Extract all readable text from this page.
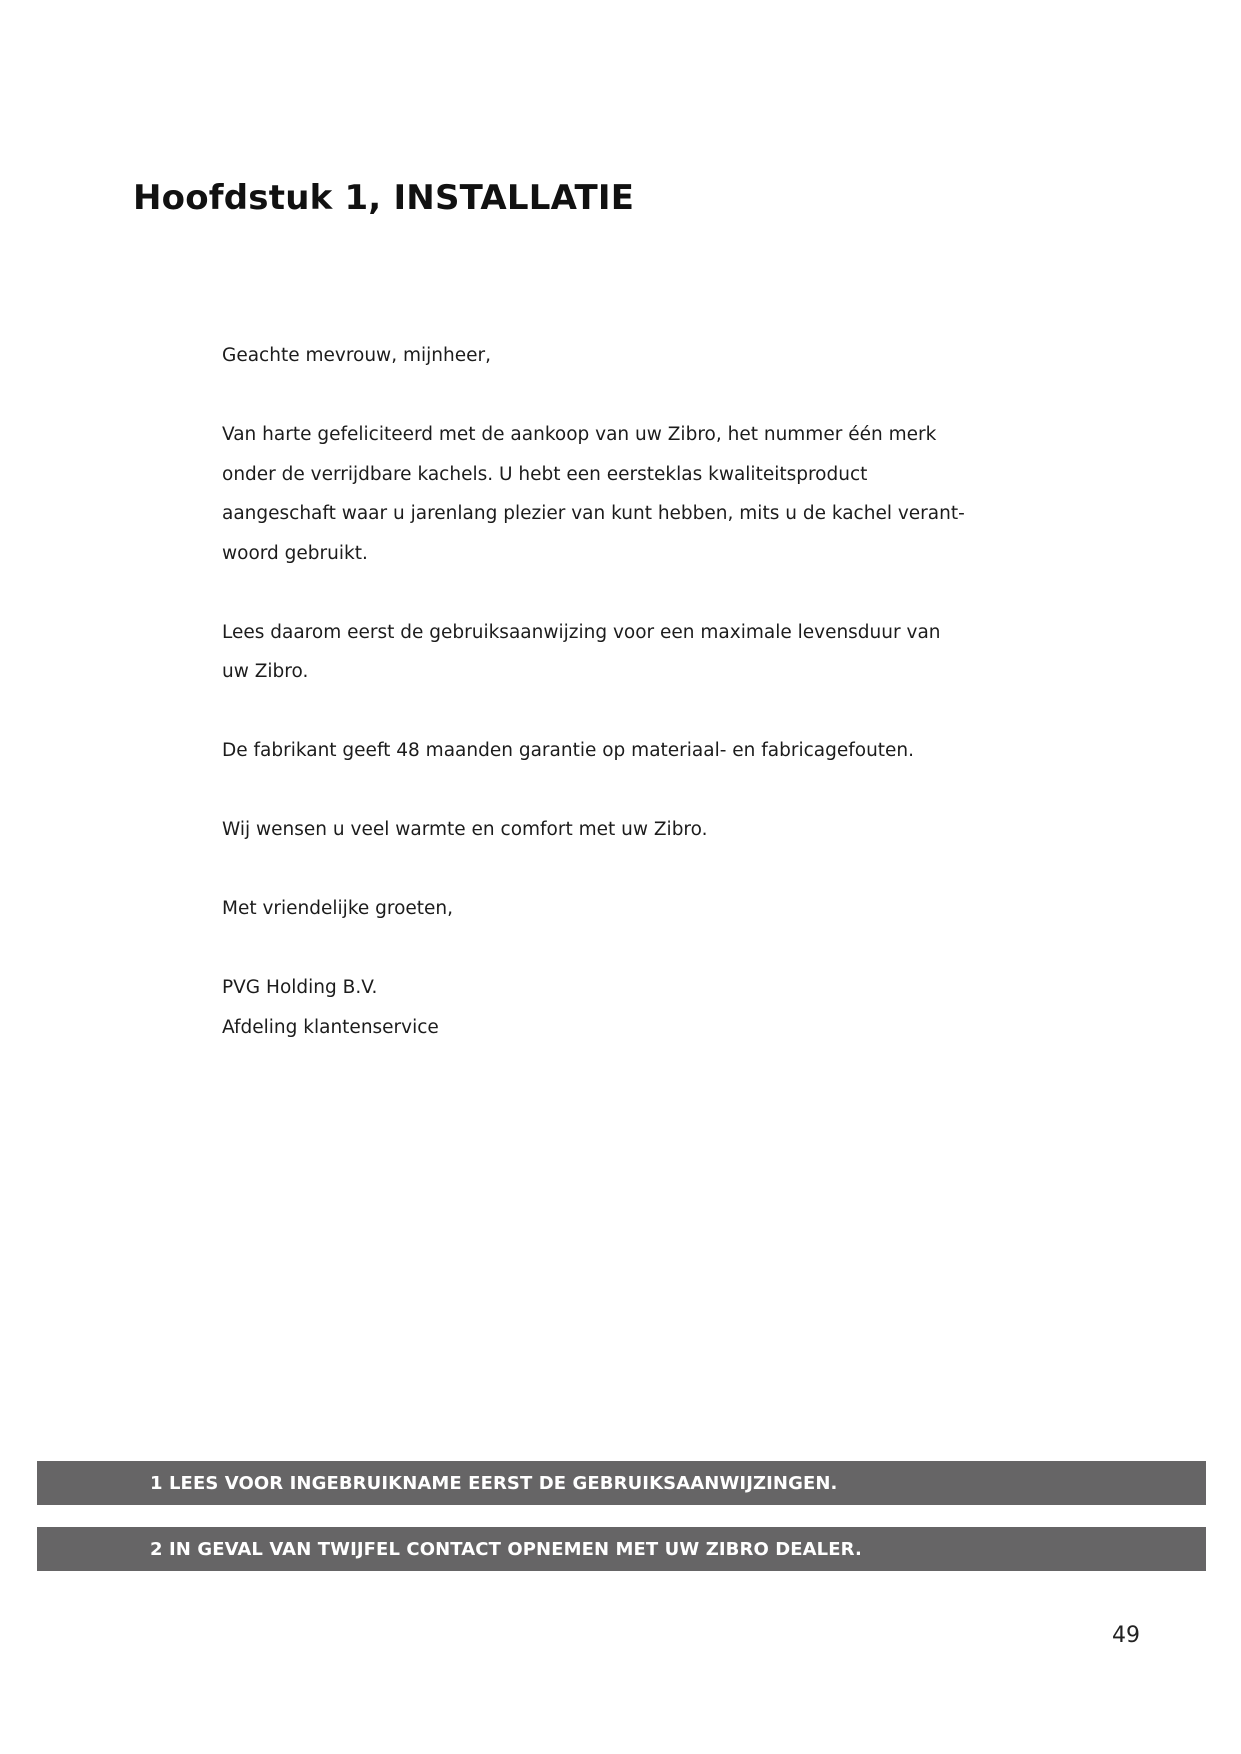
Hoofdstuk 1, INSTALLATIE

Geachte mevrouw, mijnheer,

Van harte gefeliciteerd met de aankoop van uw Zibro, het nummer één merk

onder de verrijdbare kachels. U hebt een eersteklas kwaliteitsproduct

aangeschaft waar u jarenlang plezier van kunt hebben, mits u de kachel verant-

woord gebruikt.

Lees daarom eerst de gebruiksaanwijzing voor een maximale levensduur van

uw Zibro.

De fabrikant geeft 48 maanden garantie op materiaal- en fabricagefouten.

Wij wensen u veel warmte en comfort met uw Zibro.

Met vriendelijke groeten,

PVG Holding B.V.

Afdeling klantenservice

1 LEES VOOR INGEBRUIKNAME EERST DE GEBRUIKSAANWIJZINGEN.
2 IN GEVAL VAN TWIJFEL CONTACT OPNEMEN MET UW ZIBRO DEALER.
49
